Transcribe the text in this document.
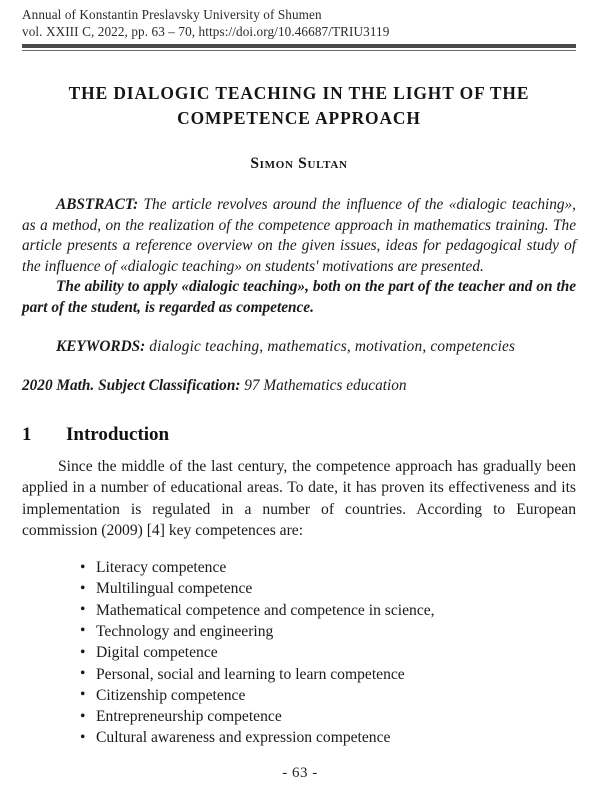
Annual of Konstantin Preslavsky University of Shumen
vol. XXIII C, 2022, pp. 63 – 70, https://doi.org/10.46687/TRIU3119
THE DIALOGIC TEACHING IN THE LIGHT OF THE COMPETENCE APPROACH
Simon Sultan

ABSTRACT: The article revolves around the influence of the «dialogic teaching», as a method, on the realization of the competence approach in mathematics training. The article presents a reference overview on the given issues, ideas for pedagogical study of the influence of «dialogic teaching» on students' motivations are presented.

The ability to apply «dialogic teaching», both on the part of the teacher and on the part of the student, is regarded as competence.

KEYWORDS: dialogic teaching, mathematics, motivation, competencies
2020 Math. Subject Classification: 97 Mathematics education
1	Introduction

Since the middle of the last century, the competence approach has gradually been applied in a number of educational areas. To date, it has proven its effectiveness and its implementation is regulated in a number of countries. According to European commission (2009) [4] key competences are:

• Literacy competence
• Multilingual competence
• Mathematical competence and competence in science,
• Technology and engineering
• Digital competence
• Personal, social and learning to learn competence
• Citizenship competence
• Entrepreneurship competence
• Cultural awareness and expression competence
- 63 -
